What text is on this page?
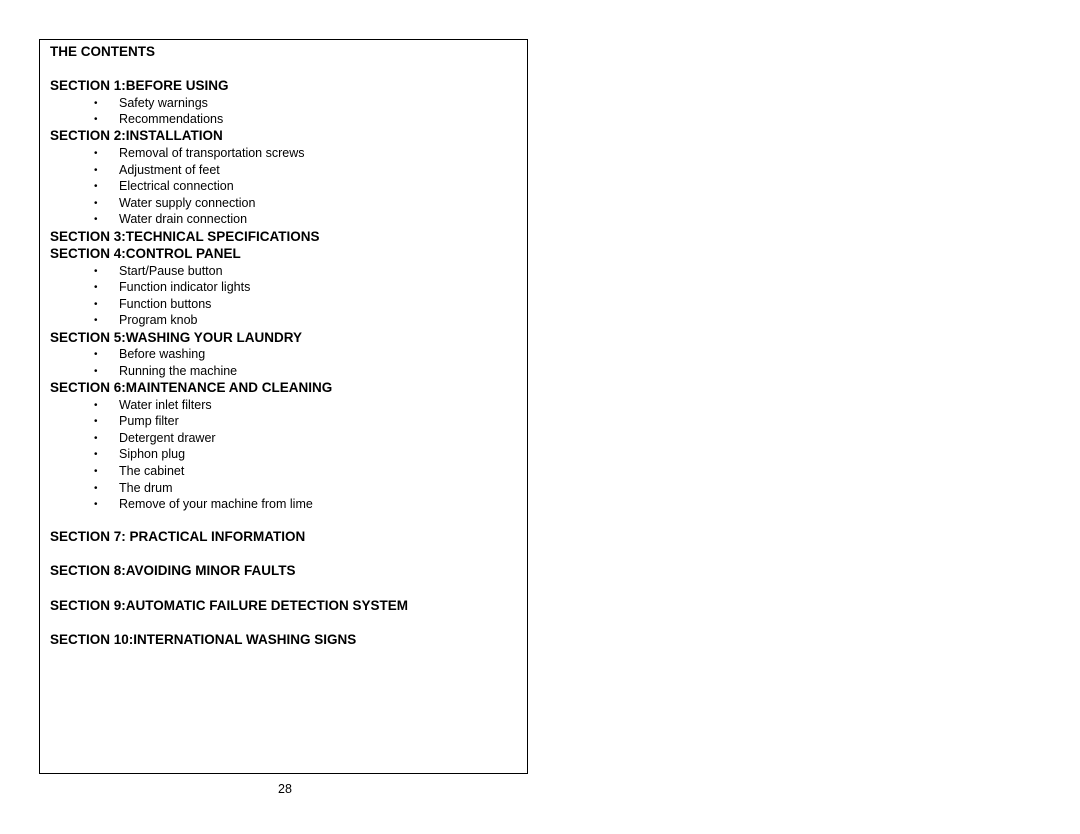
THE CONTENTS
SECTION 1:BEFORE USING
• Safety warnings
• Recommendations
SECTION 2:INSTALLATION
• Removal of transportation screws
• Adjustment of feet
• Electrical connection
• Water supply connection
• Water drain connection
SECTION 3:TECHNICAL SPECIFICATIONS
SECTION 4:CONTROL PANEL
• Start/Pause button
• Function indicator lights
• Function buttons
• Program knob
SECTION 5:WASHING YOUR LAUNDRY
• Before washing
• Running the machine
SECTION 6:MAINTENANCE AND CLEANING
• Water inlet filters
• Pump filter
• Detergent drawer
• Siphon plug
• The cabinet
• The drum
• Remove of your machine from lime
SECTION 7: PRACTICAL INFORMATION
SECTION 8:AVOIDING MINOR FAULTS
SECTION 9:AUTOMATIC FAILURE DETECTION SYSTEM
SECTION 10:INTERNATIONAL WASHING SIGNS
28
